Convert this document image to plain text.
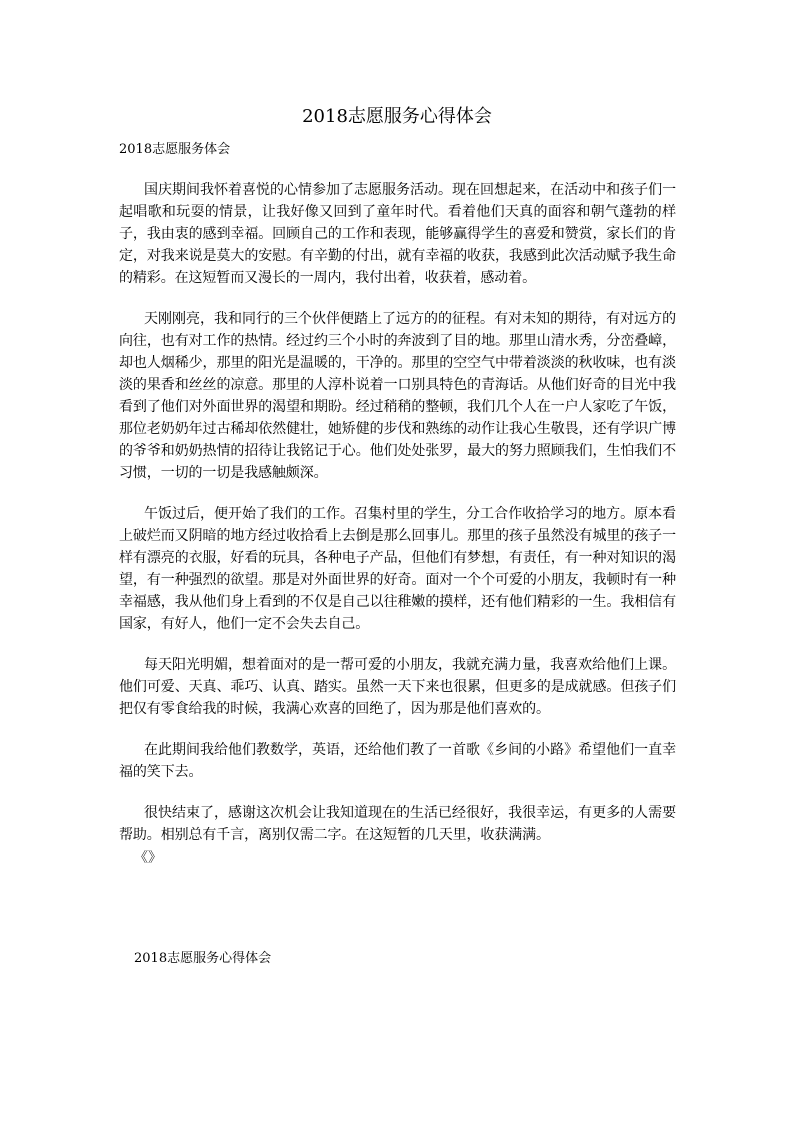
2018志愿服务心得体会
2018志愿服务体会

国庆期间我怀着喜悦的心情参加了志愿服务活动。现在回想起来，在活动中和孩子们一起唱歌和玩耍的情景，让我好像又回到了童年时代。看着他们天真的面容和朝气蓬勃的样子，我由衷的感到幸福。回顾自己的工作和表现，能够赢得学生的喜爱和赞赏，家长们的肯定，对我来说是莫大的安慰。有辛勤的付出，就有幸福的收获，我感到此次活动赋予我生命的精彩。在这短暂而又漫长的一周内，我付出着，收获着，感动着。

天刚刚亮，我和同行的三个伙伴便踏上了远方的的征程。有对未知的期待，有对远方的向往，也有对工作的热情。经过约三个小时的奔波到了目的地。那里山清水秀，分峦叠嶂，却也人烟稀少，那里的阳光是温暖的，干净的。那里的空空气中带着淡淡的秋收味，也有淡淡的果香和丝丝的凉意。那里的人淳朴说着一口别具特色的青海话。从他们好奇的目光中我看到了他们对外面世界的渴望和期盼。经过稍稍的整顿，我们几个人在一户人家吃了午饭，那位老奶奶年过古稀却依然健壮，她矫健的步伐和熟练的动作让我心生敬畏，还有学识广博的爷爷和奶奶热情的招待让我铭记于心。他们处处张罗，最大的努力照顾我们，生怕我们不习惯，一切的一切是我感触颇深。

午饭过后，便开始了我们的工作。召集村里的学生，分工合作收拾学习的地方。原本看上破烂而又阴暗的地方经过收拾看上去倒是那么回事儿。那里的孩子虽然没有城里的孩子一样有漂亮的衣服，好看的玩具，各种电子产品，但他们有梦想，有责任，有一种对知识的渴望，有一种强烈的欲望。那是对外面世界的好奇。面对一个个可爱的小朋友，我顿时有一种幸福感，我从他们身上看到的不仅是自己以往稚嫩的摸样，还有他们精彩的一生。我相信有国家，有好人，他们一定不会失去自己。

每天阳光明媚，想着面对的是一帮可爱的小朋友，我就充满力量，我喜欢给他们上课。他们可爱、天真、乖巧、认真、踏实。虽然一天下来也很累，但更多的是成就感。但孩子们把仅有零食给我的时候，我满心欢喜的回绝了，因为那是他们喜欢的。

在此期间我给他们教数学，英语，还给他们教了一首歌《乡间的小路》希望他们一直幸福的笑下去。

很快结束了，感谢这次机会让我知道现在的生活已经很好，我很幸运，有更多的人需要帮助。相别总有千言，离别仅需二字。在这短暂的几天里，收获满满。

《》
2018志愿服务心得体会
